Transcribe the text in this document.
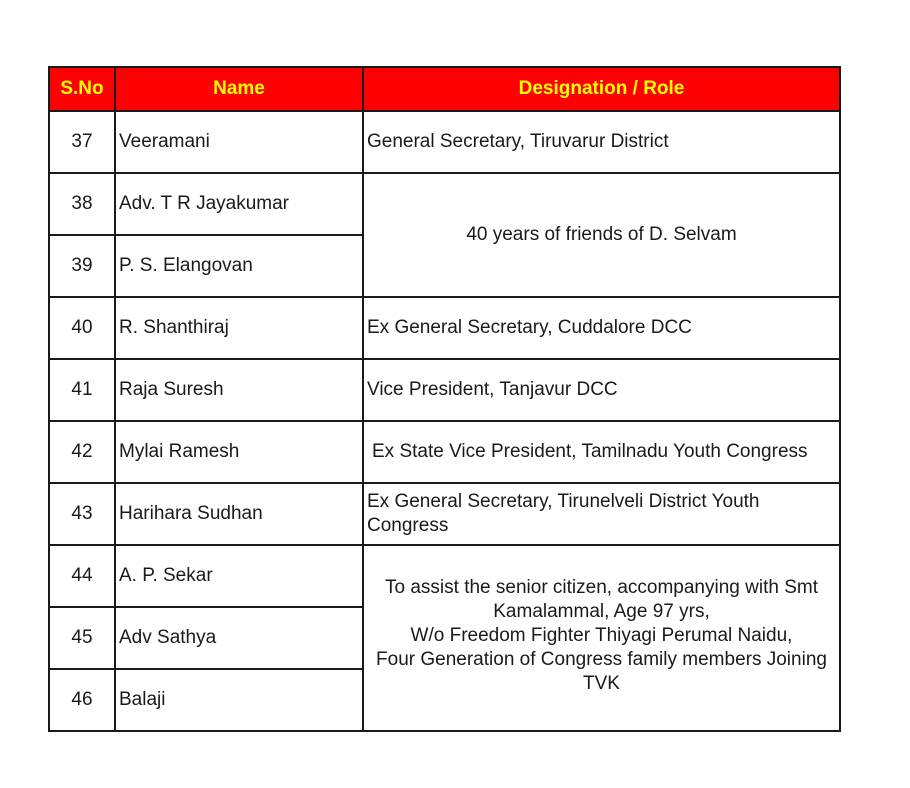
S.No	Name	Designation / Role
37	Veeramani	General Secretary, Tiruvarur District
38	Adv. T R Jayakumar	40 years of friends of D. Selvam
39	P. S. Elangovan	
40	R. Shanthiraj	Ex General Secretary, Cuddalore DCC
41	Raja Suresh	Vice President, Tanjavur DCC
42	Mylai Ramesh	Ex State Vice President, Tamilnadu Youth Congress
43	Harihara Sudhan	Ex General Secretary, Tirunelveli District Youth Congress
44	A. P. Sekar	To assist the senior citizen, accompanying with Smt
Kamalammal, Age 97 yrs,
W/o Freedom Fighter Thiyagi Perumal Naidu,
Four Generation of Congress family members Joining
TVK

45	Adv Sathya	
46	Balaji	
